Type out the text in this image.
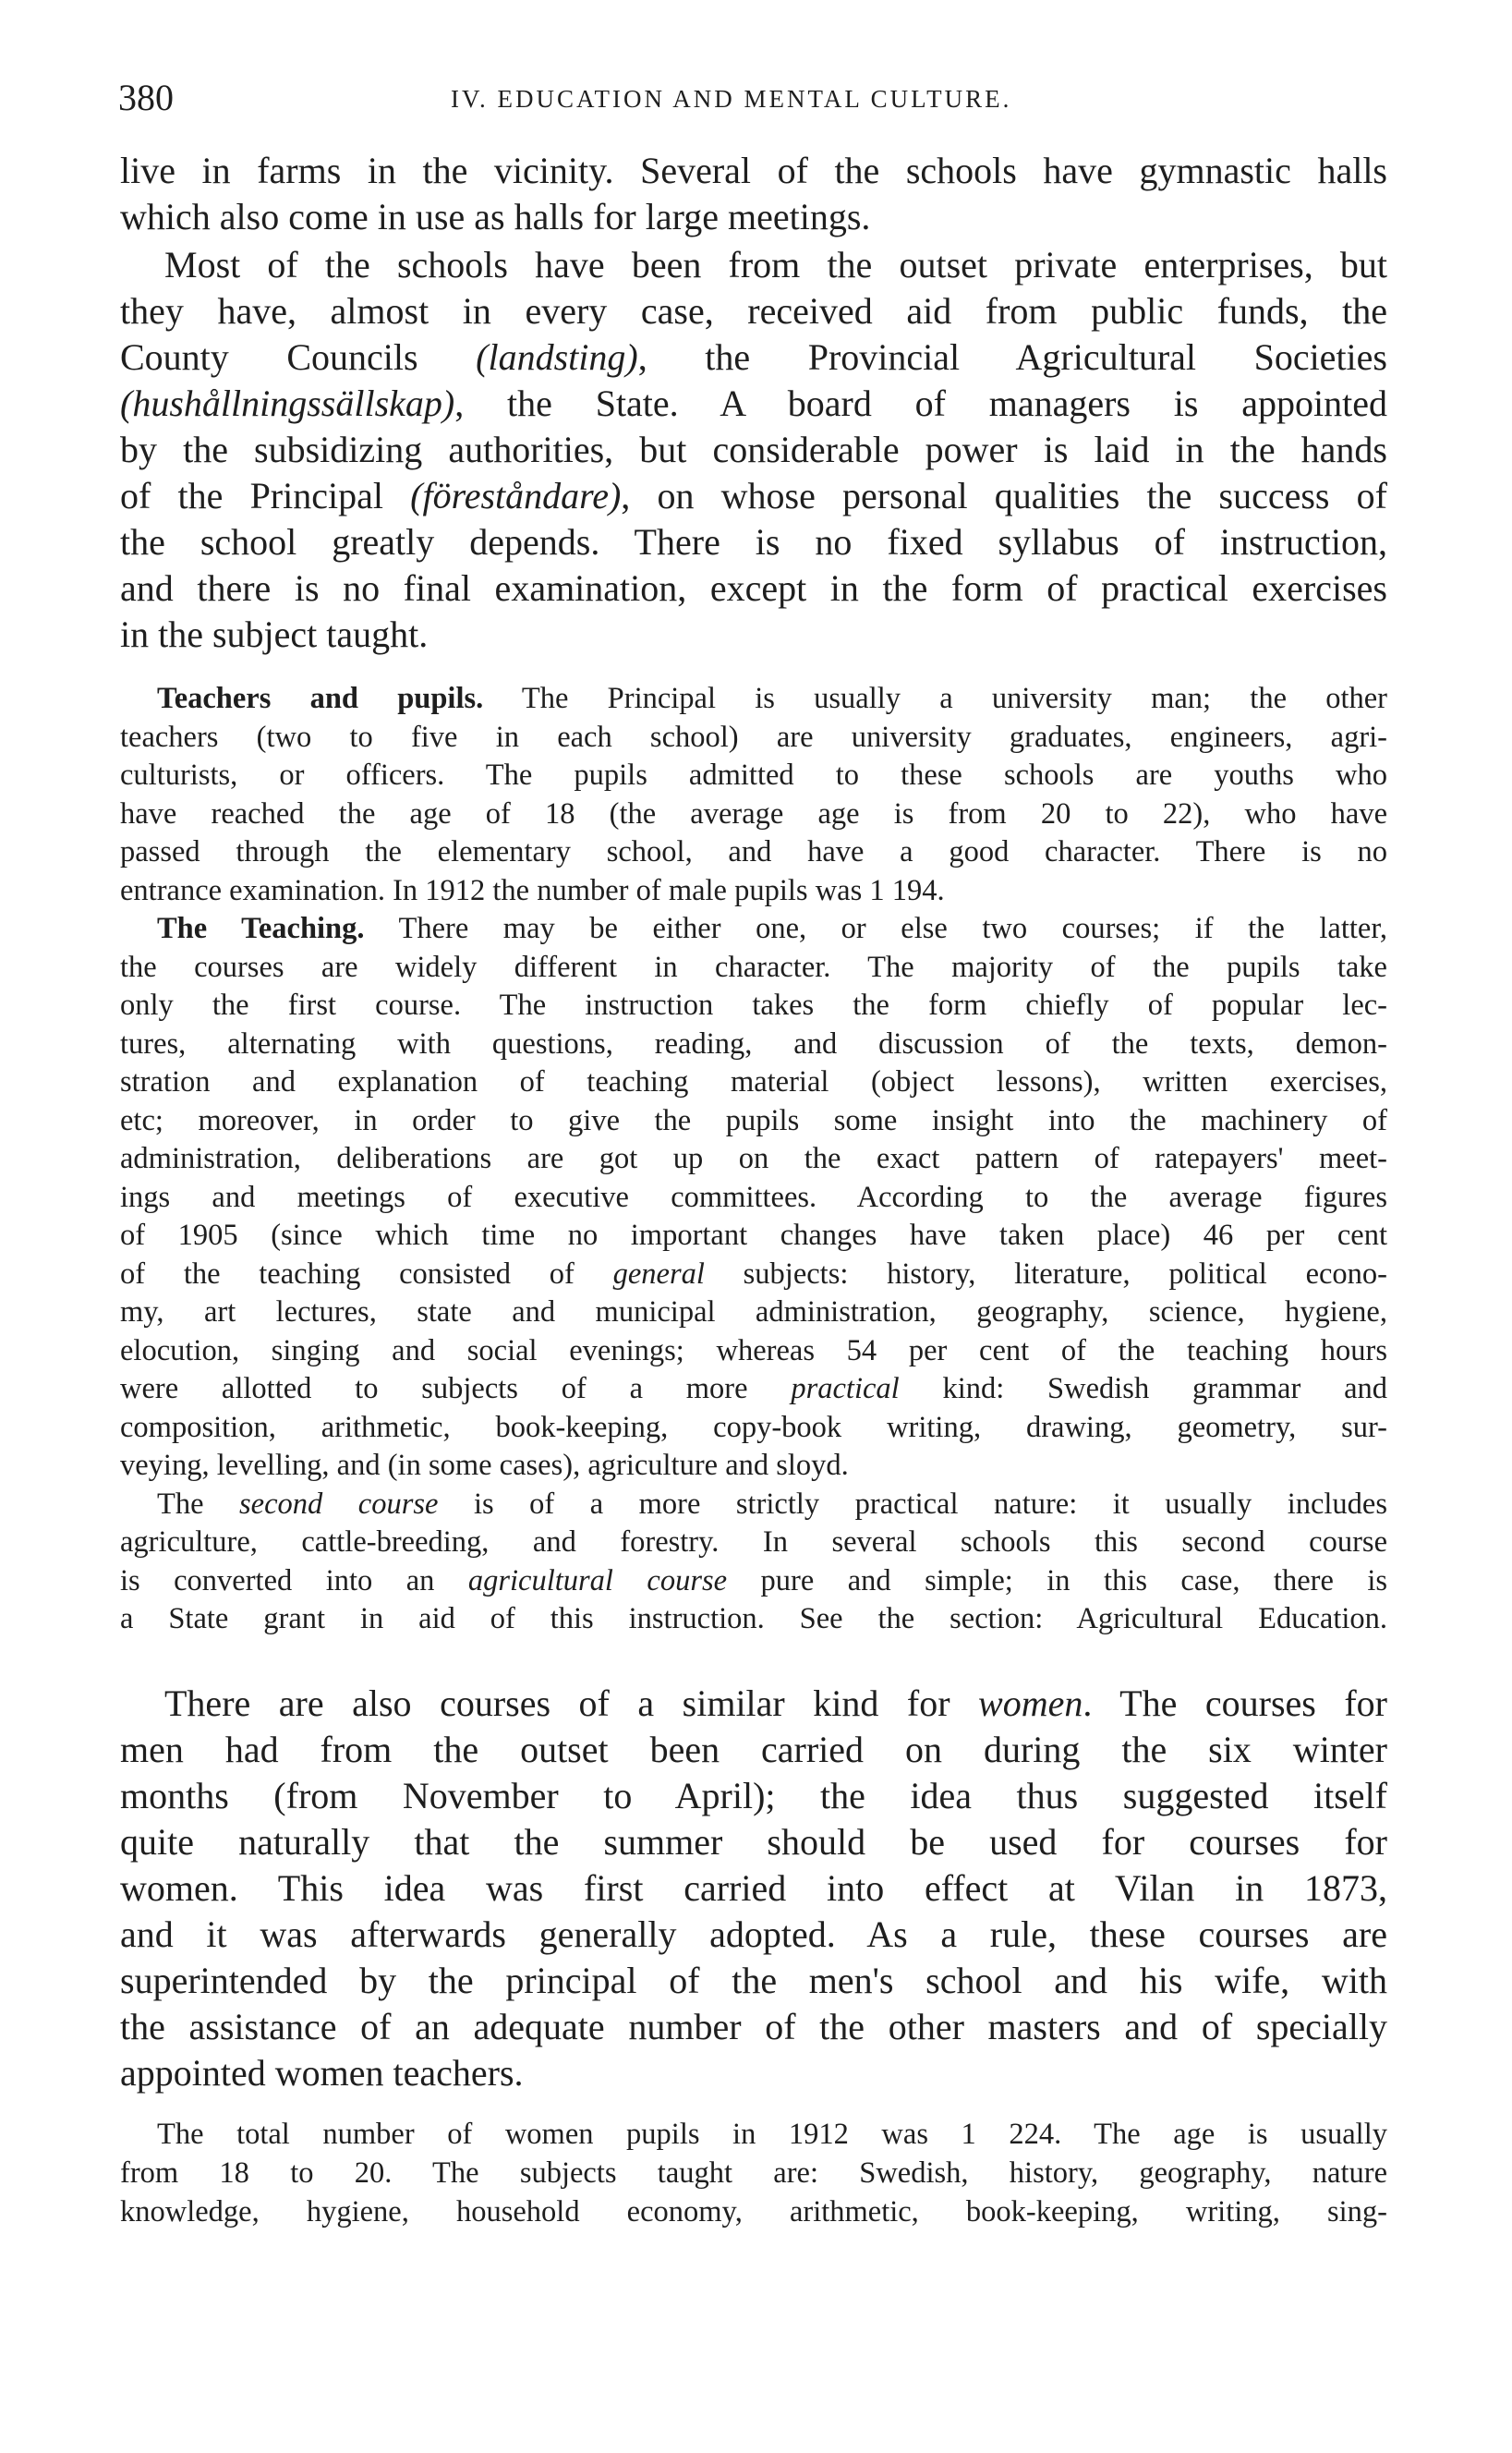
380	IV. EDUCATION AND MENTAL CULTURE.
live in farms in the vicinity. Several of the schools have gymnastic halls
which also come in use as halls for large meetings.
Most of the schools have been from the outset private enterprises, but
they have, almost in every case, received aid from public funds, the
County Councils (landsting), the Provincial Agricultural Societies
(hushållningssällskap), the State. A board of managers is appointed
by the subsidizing authorities, but considerable power is laid in the hands
of the Principal (föreståndare), on whose personal qualities the success of
the school greatly depends. There is no fixed syllabus of instruction,
and there is no final examination, except in the form of practical exercises
in the subject taught.
Teachers and pupils. The Principal is usually a university man; the other
teachers (two to five in each school) are university graduates, engineers, agri-
culturists, or officers. The pupils admitted to these schools are youths who
have reached the age of 18 (the average age is from 20 to 22), who have
passed through the elementary school, and have a good character. There is no
entrance examination. In 1912 the number of male pupils was 1 194.
The Teaching. There may be either one, or else two courses; if the latter,
the courses are widely different in character. The majority of the pupils take
only the first course. The instruction takes the form chiefly of popular lec-
tures, alternating with questions, reading, and discussion of the texts, demon-
stration and explanation of teaching material (object lessons), written exercises,
etc; moreover, in order to give the pupils some insight into the machinery of
administration, deliberations are got up on the exact pattern of ratepayers' meet-
ings and meetings of executive committees. According to the average figures
of 1905 (since which time no important changes have taken place) 46 per cent
of the teaching consisted of general subjects: history, literature, political econo-
my, art lectures, state and municipal administration, geography, science, hygiene,
elocution, singing and social evenings; whereas 54 per cent of the teaching hours
were allotted to subjects of a more practical kind: Swedish grammar and
composition, arithmetic, book-keeping, copy-book writing, drawing, geometry, sur-
veying, levelling, and (in some cases), agriculture and sloyd.
The second course is of a more strictly practical nature: it usually includes
agriculture, cattle-breeding, and forestry. In several schools this second course
is converted into an agricultural course pure and simple; in this case, there is
a State grant in aid of this instruction. See the section: Agricultural Education.
There are also courses of a similar kind for women. The courses for
men had from the outset been carried on during the six winter
months (from November to April); the idea thus suggested itself
quite naturally that the summer should be used for courses for
women. This idea was first carried into effect at Vilan in 1873,
and it was afterwards generally adopted. As a rule, these courses are
superintended by the principal of the men's school and his wife, with
the assistance of an adequate number of the other masters and of specially
appointed women teachers.
The total number of women pupils in 1912 was 1 224. The age is usually
from 18 to 20. The subjects taught are: Swedish, history, geography, nature
knowledge, hygiene, household economy, arithmetic, book-keeping, writing, sing-
